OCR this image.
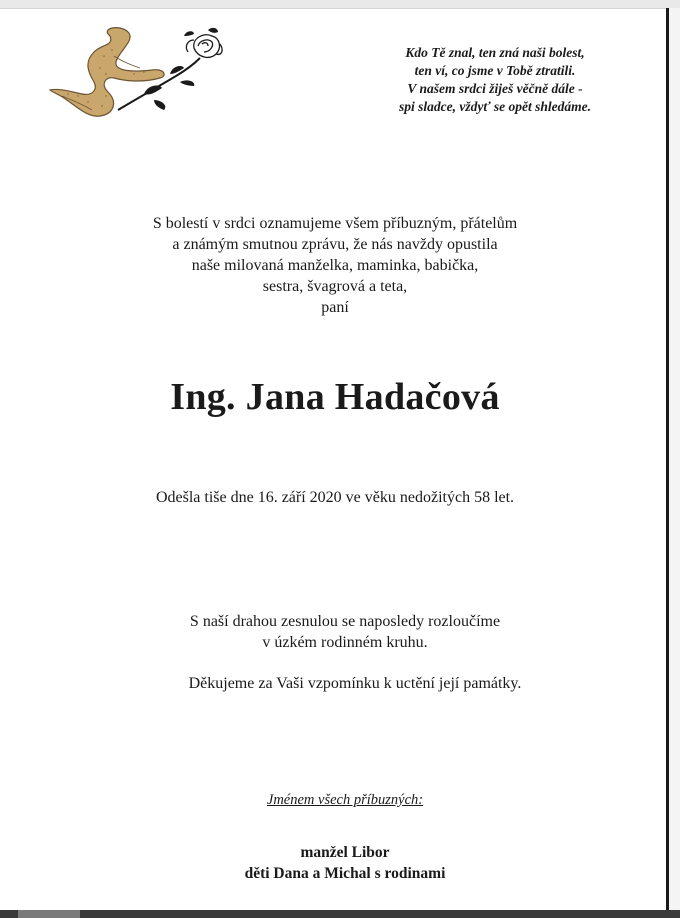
Kdo Tě znal, ten zná naši bolest,
ten ví, co jsme v Tobě ztratili.
V našem srdci žiješ věčně dále -
spi sladce, vždyť se opět shledáme.
S bolestí v srdci oznamujeme všem příbuzným, přátelům
a známým smutnou zprávu, že nás navždy opustila
naše milovaná manželka, maminka, babička,
sestra, švagrová a teta,
paní
Ing. Jana Hadačová
Odešla tiše dne 16. září 2020 ve věku nedožitých 58 let.
S naší drahou zesnulou se naposledy rozloučíme
v úzkém rodinném kruhu.
Děkujeme za Vaši vzpomínku k uctění její památky.
Jménem všech příbuzných:
manžel Libor
děti Dana a Michal s rodinami
